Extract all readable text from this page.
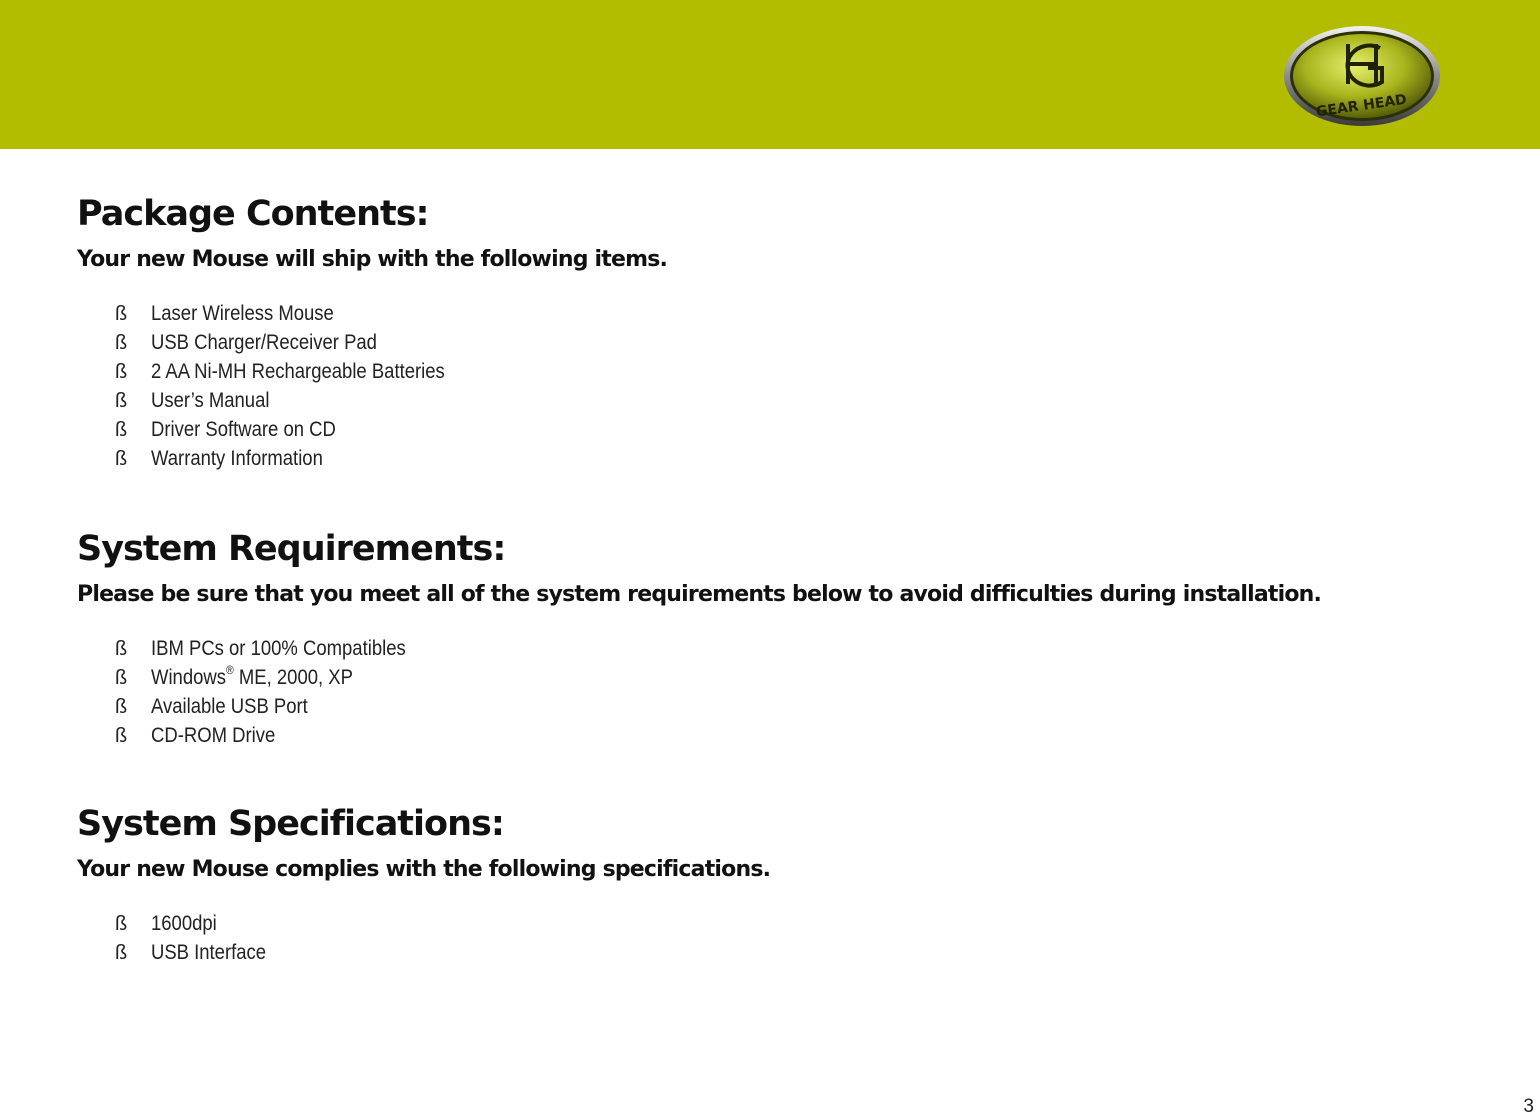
GEAR HEAD
Package Contents:

Your new Mouse will ship with the following items.

ß	Laser Wireless Mouse
ß	USB Charger/Receiver Pad
ß	2 AA Ni-MH Rechargeable Batteries
ß	User’s Manual
ß	Driver Software on CD
ß	Warranty Information
System Requirements:

Please be sure that you meet all of the system requirements below to avoid difficulties during installation.

ß	IBM PCs or 100% Compatibles
ß	Windows® ME, 2000, XP
ß	Available USB Port
ß	CD-ROM Drive
System Specifications:

Your new Mouse complies with the following specifications.

ß	1600dpi
ß	USB Interface
3
